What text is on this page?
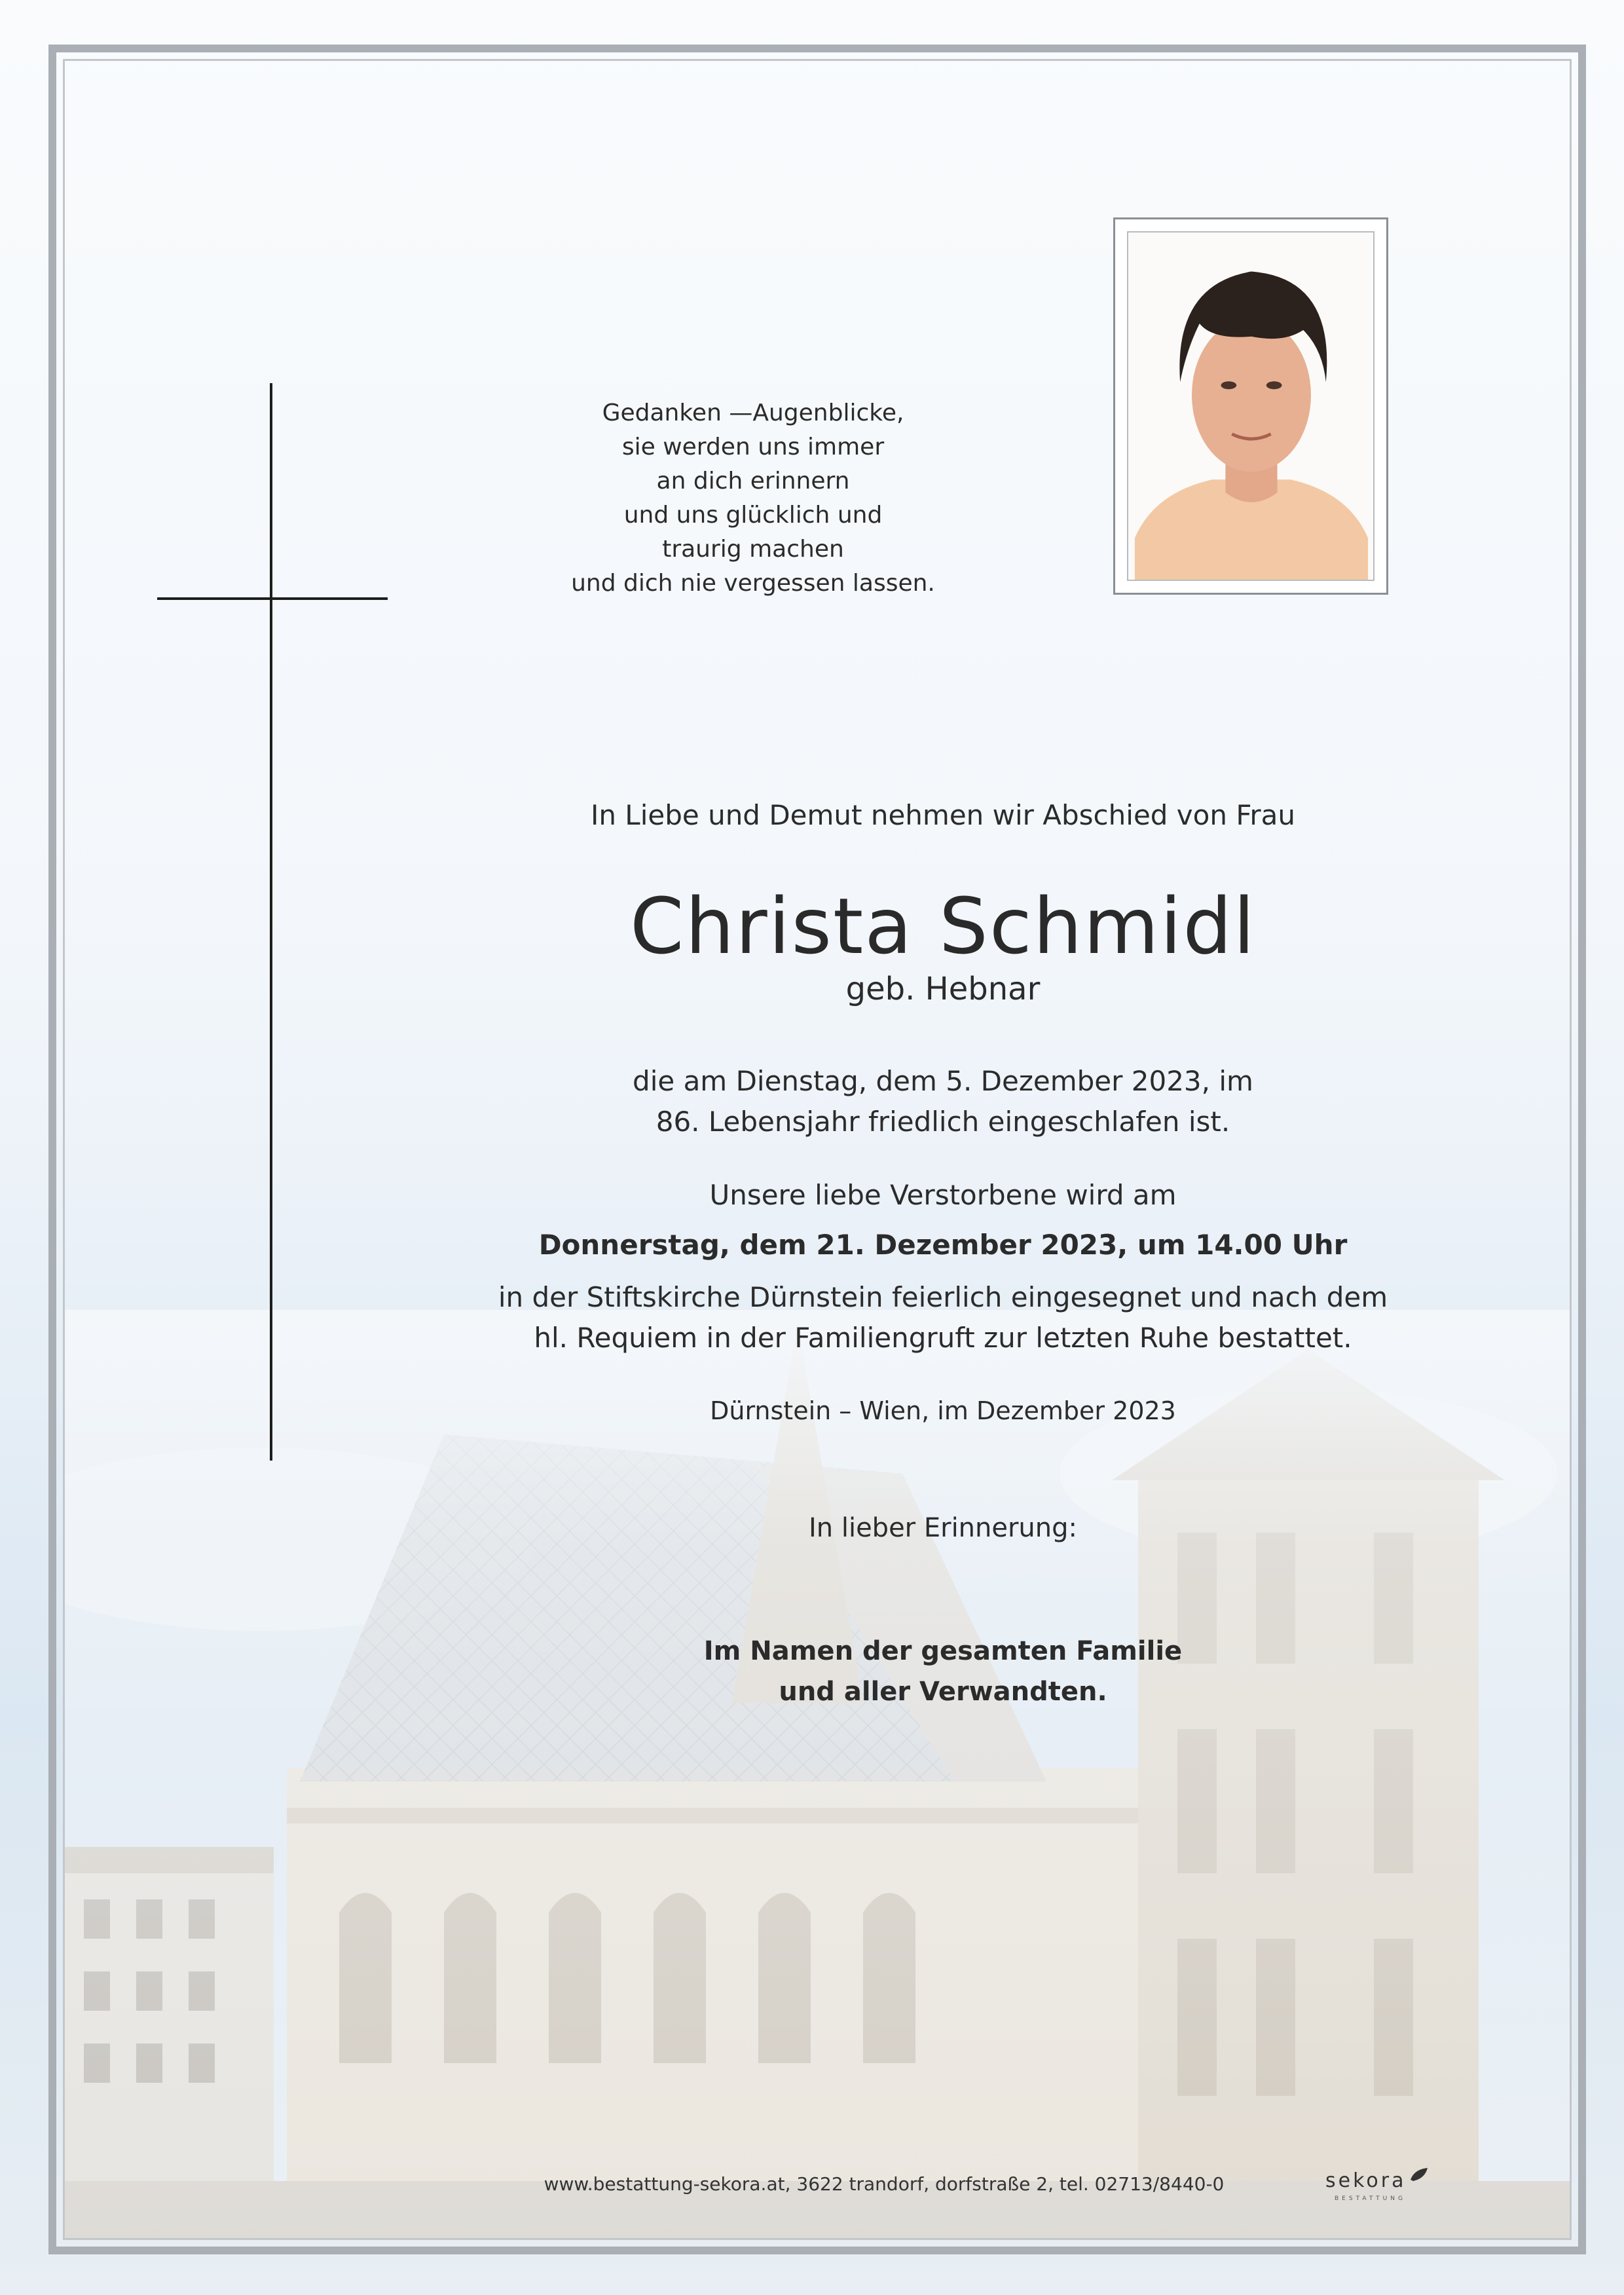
Gedanken —Augenblicke,
sie werden uns immer
an dich erinnern
und uns glücklich und
traurig machen
und dich nie vergessen lassen.
In Liebe und Demut nehmen wir Abschied von Frau
Christa Schmidl
geb. Hebnar
die am Dienstag, dem 5. Dezember 2023, im
86. Lebensjahr friedlich eingeschlafen ist.
Unsere liebe Verstorbene wird am
Donnerstag, dem 21. Dezember 2023, um 14.00 Uhr
in der Stiftskirche Dürnstein feierlich eingesegnet und nach dem
hl. Requiem in der Familiengruft zur letzten Ruhe bestattet.
Dürnstein – Wien, im Dezember 2023
In lieber Erinnerung:
Im Namen der gesamten Familie
und aller Verwandten.
www.bestattung-sekora.at, 3622 trandorf, dorfstraße 2, tel. 02713/8440-0	sekora
BESTATTUNG
